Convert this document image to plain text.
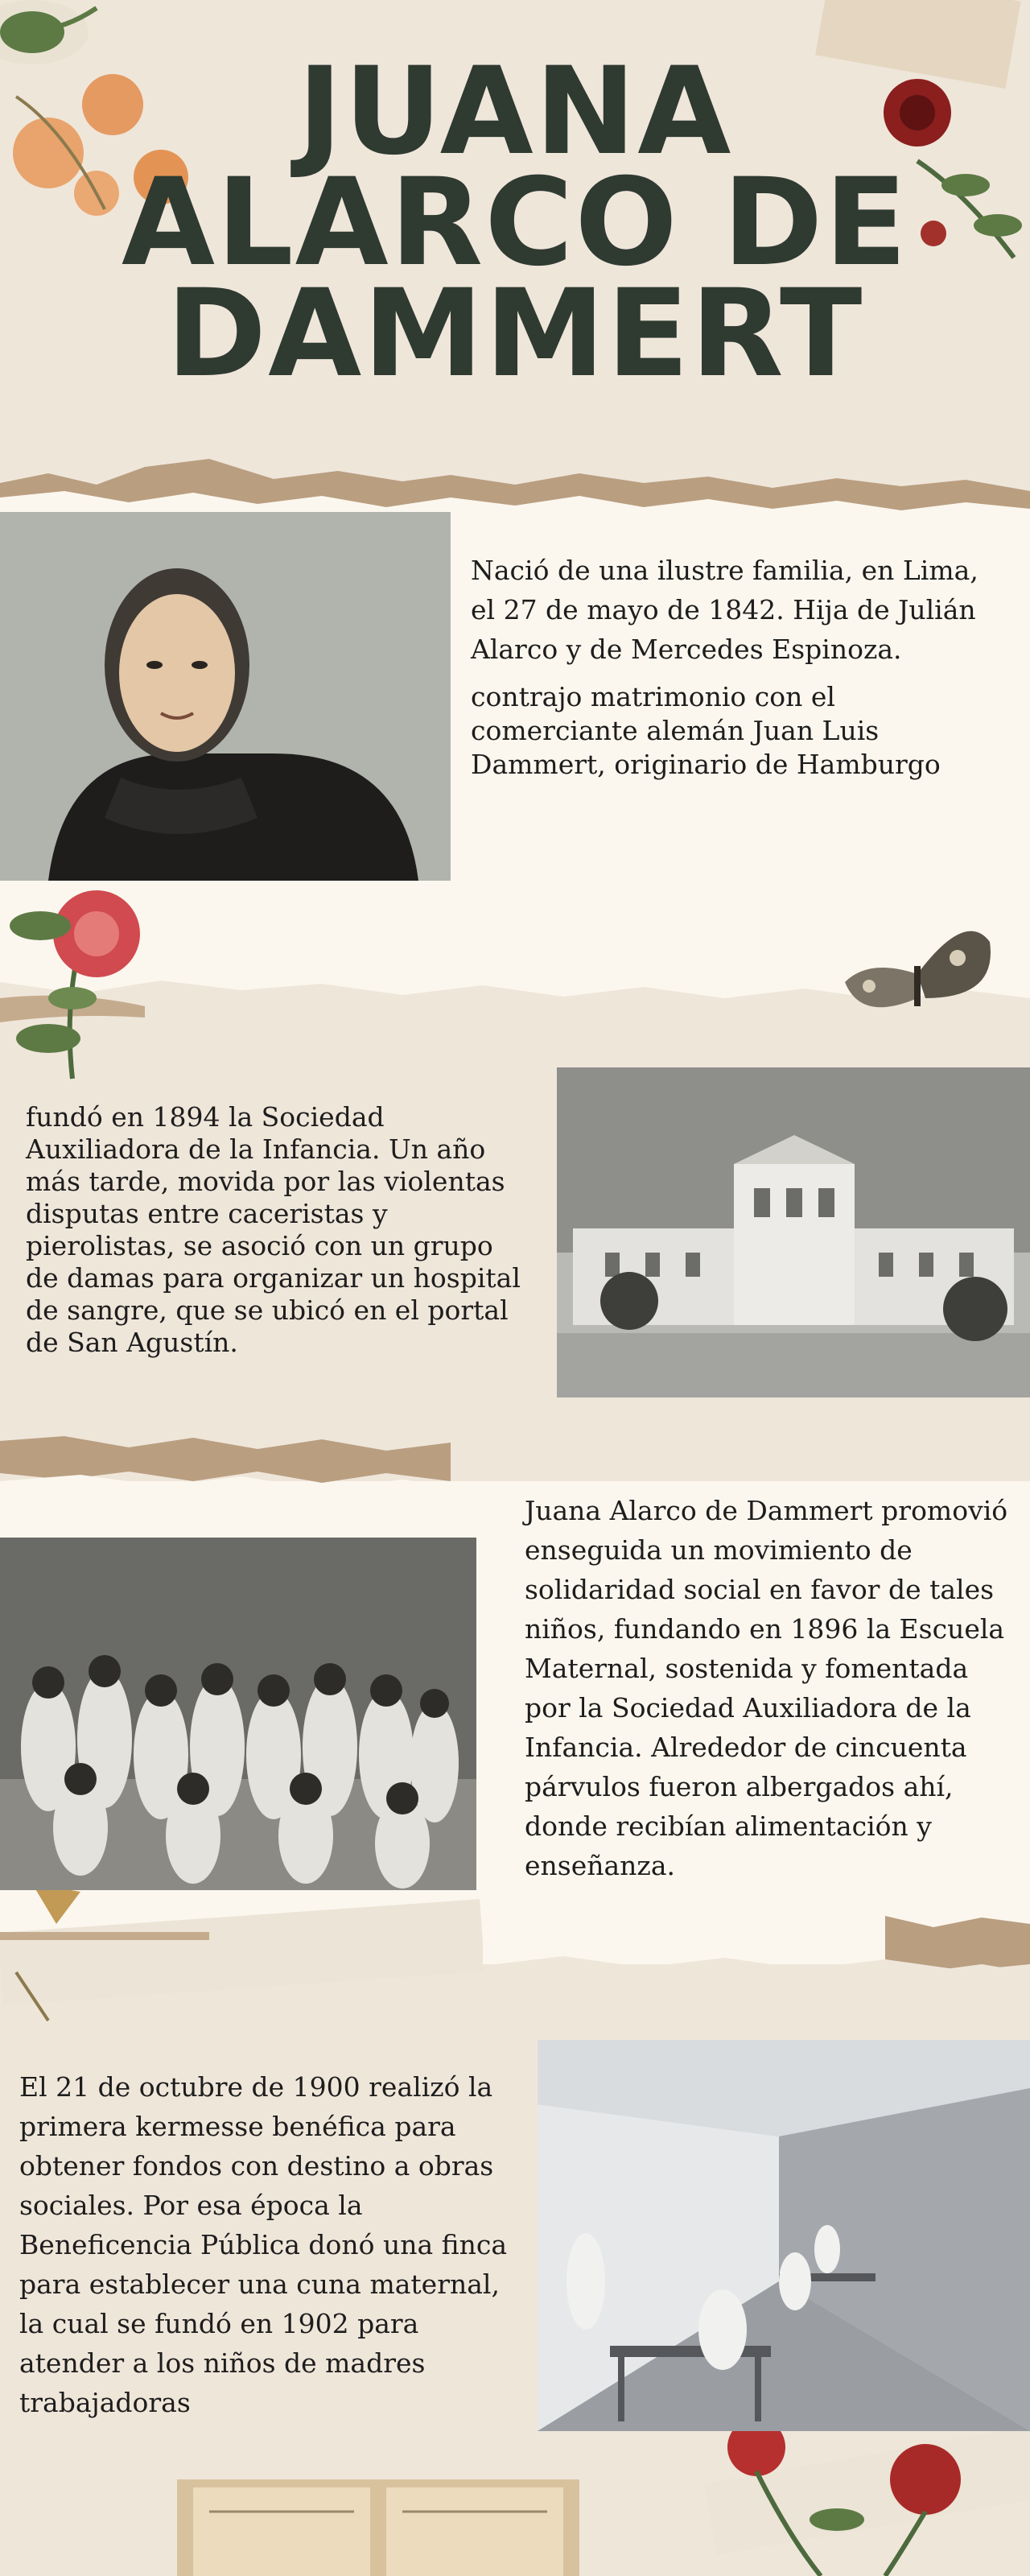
JUANA
ALARCO DE
DAMMERT

Nació de una ilustre familia, en Lima, el 27 de mayo de 1842. Hija de Julián Alarco y de Mercedes Espinoza.

contrajo matrimonio con el comerciante alemán Juan Luis Dammert, originario de Hamburgo

fundó en 1894 la Sociedad Auxiliadora de la Infancia. Un año más tarde, movida por las violentas disputas entre caceristas y pierolistas, se asoció con un grupo de damas para organizar un hospital de sangre, que se ubicó en el portal de San Agustín.

Juana Alarco de Dammert promovió enseguida un movimiento de solidaridad social en favor de tales niños, fundando en 1896 la Escuela Maternal, sostenida y fomentada por la Sociedad Auxiliadora de la Infancia. Alrededor de cincuenta párvulos fueron albergados ahí, donde recibían alimentación y enseñanza.

El 21 de octubre de 1900 realizó la primera kermesse benéfica para obtener fondos con destino a obras sociales. Por esa época la Beneficencia Pública donó una finca para establecer una cuna maternal, la cual se fundó en 1902 para atender a los niños de madres trabajadoras
